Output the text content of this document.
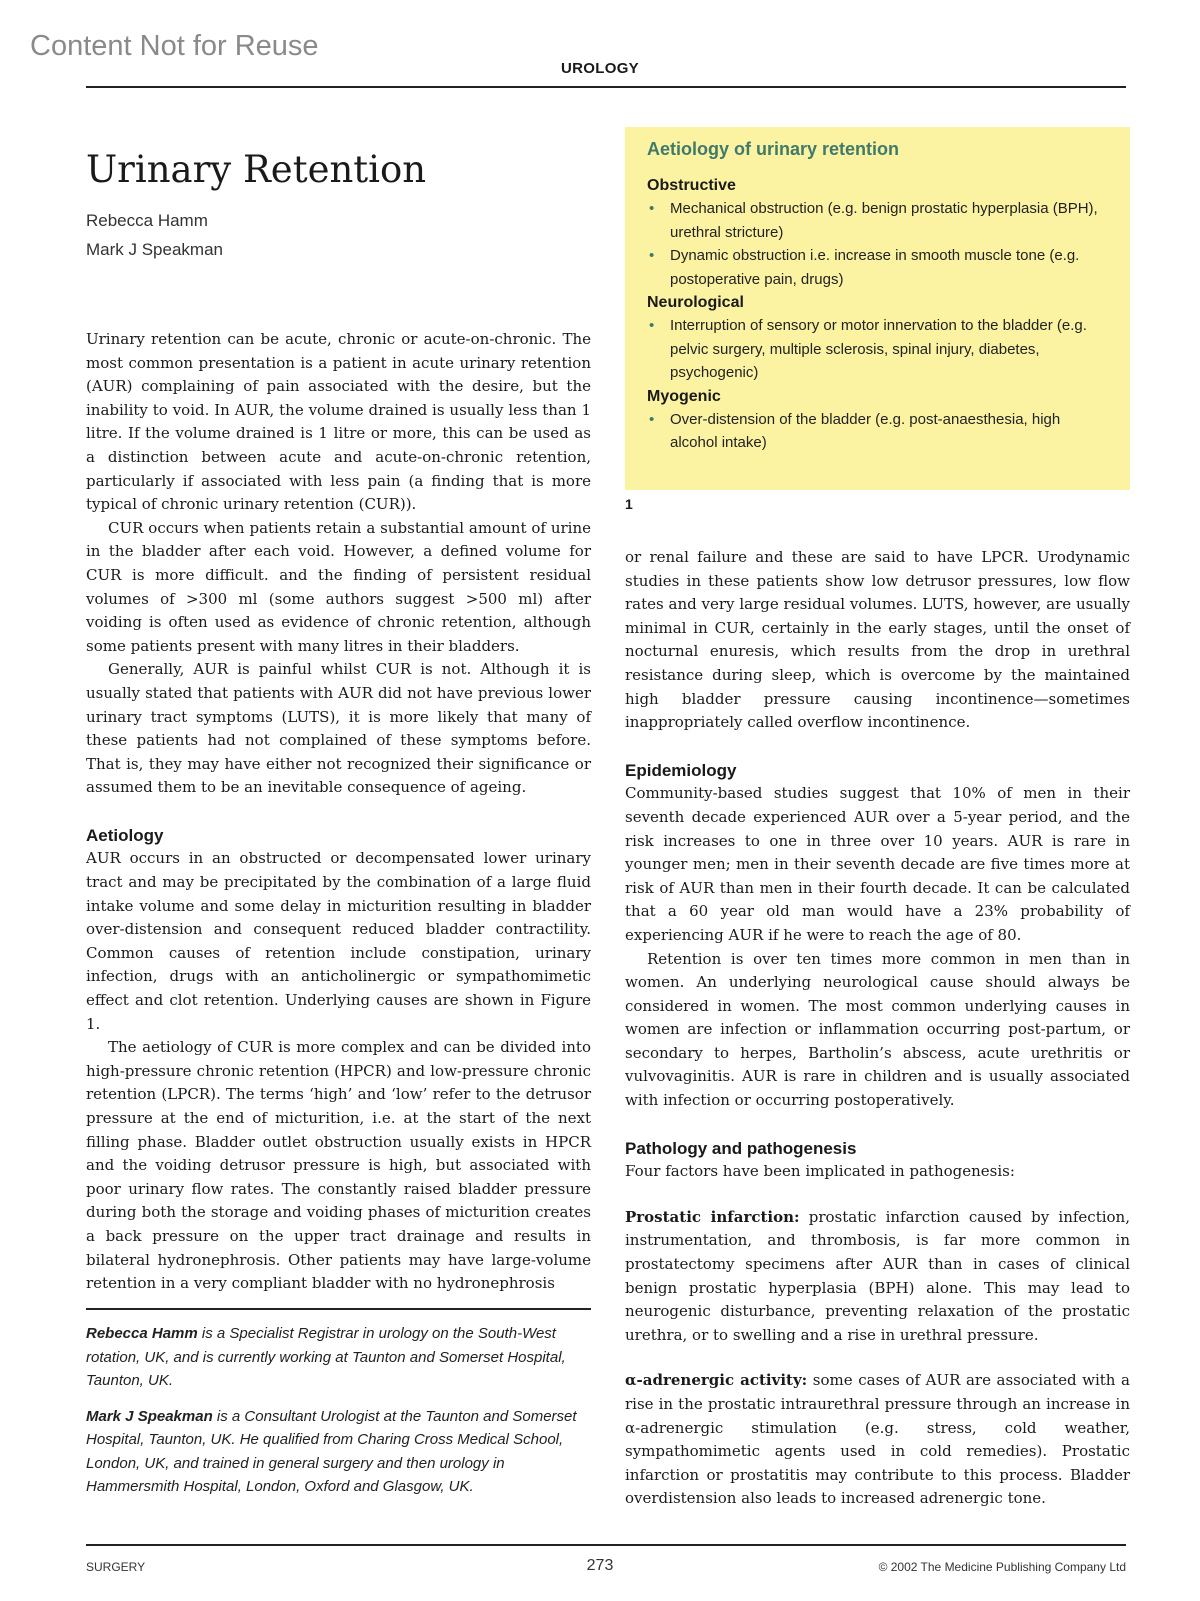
Content Not for Reuse
UROLOGY
Urinary Retention
Rebecca Hamm
Mark J Speakman

Urinary retention can be acute, chronic or acute-on-chronic. The most common presentation is a patient in acute urinary retention (AUR) complaining of pain associated with the desire, but the inability to void. In AUR, the volume drained is usually less than 1 litre. If the volume drained is 1 litre or more, this can be used as a distinction between acute and acute-on-chronic retention, particularly if associated with less pain (a finding that is more typical of chronic urinary retention (CUR)).

CUR occurs when patients retain a substantial amount of urine in the bladder after each void. However, a defined volume for CUR is more difficult. and the finding of persistent residual volumes of >300 ml (some authors suggest >500 ml) after voiding is often used as evidence of chronic retention, although some patients present with many litres in their bladders.

Generally, AUR is painful whilst CUR is not. Although it is usually stated that patients with AUR did not have previous lower urinary tract symptoms (LUTS), it is more likely that many of these patients had not complained of these symptoms before. That is, they may have either not recognized their significance or assumed them to be an inevitable consequence of ageing.

Aetiology

AUR occurs in an obstructed or decompensated lower urinary tract and may be precipitated by the combination of a large fluid intake volume and some delay in micturition resulting in bladder over-distension and consequent reduced bladder contractility. Common causes of retention include constipation, urinary infection, drugs with an anticholinergic or sympathomimetic effect and clot retention. Underlying causes are shown in Figure 1.

The aetiology of CUR is more complex and can be divided into high-pressure chronic retention (HPCR) and low-pressure chronic retention (LPCR). The terms ‘high’ and ‘low’ refer to the detrusor pressure at the end of micturition, i.e. at the start of the next filling phase. Bladder outlet obstruction usually exists in HPCR and the voiding detrusor pressure is high, but associated with poor urinary flow rates. The constantly raised bladder pressure during both the storage and voiding phases of micturition creates a back pressure on the upper tract drainage and results in bilateral hydronephrosis. Other patients may have large-volume retention in a very compliant bladder with no hydronephrosis

Rebecca Hamm is a Specialist Registrar in urology on the South-West rotation, UK, and is currently working at Taunton and Somerset Hospital, Taunton, UK.

Mark J Speakman is a Consultant Urologist at the Taunton and Somerset Hospital, Taunton, UK. He qualified from Charing Cross Medical School, London, UK, and trained in general surgery and then urology in Hammersmith Hospital, London, Oxford and Glasgow, UK.

Aetiology of urinary retention
Obstructive
• Mechanical obstruction (e.g. benign prostatic hyperplasia (BPH), urethral stricture)
• Dynamic obstruction i.e. increase in smooth muscle tone (e.g. postoperative pain, drugs)
Neurological
• Interruption of sensory or motor innervation to the bladder (e.g. pelvic surgery, multiple sclerosis, spinal injury, diabetes, psychogenic)
Myogenic
• Over-distension of the bladder (e.g. post-anaesthesia, high alcohol intake)
1

or renal failure and these are said to have LPCR. Urodynamic studies in these patients show low detrusor pressures, low flow rates and very large residual volumes. LUTS, however, are usually minimal in CUR, certainly in the early stages, until the onset of nocturnal enuresis, which results from the drop in urethral resistance during sleep, which is overcome by the maintained high bladder pressure causing incontinence—sometimes inappropriately called overflow incontinence.

Epidemiology

Community-based studies suggest that 10% of men in their seventh decade experienced AUR over a 5-year period, and the risk increases to one in three over 10 years. AUR is rare in younger men; men in their seventh decade are five times more at risk of AUR than men in their fourth decade. It can be calculated that a 60 year old man would have a 23% probability of experiencing AUR if he were to reach the age of 80.

Retention is over ten times more common in men than in women. An underlying neurological cause should always be considered in women. The most common underlying causes in women are infection or inflammation occurring post-partum, or secondary to herpes, Bartholin’s abscess, acute urethritis or vulvovaginitis. AUR is rare in children and is usually associated with infection or occurring postoperatively.

Pathology and pathogenesis

Four factors have been implicated in pathogenesis:

Prostatic infarction: prostatic infarction caused by infection, instrumentation, and thrombosis, is far more common in prostatectomy specimens after AUR than in cases of clinical benign prostatic hyperplasia (BPH) alone. This may lead to neurogenic disturbance, preventing relaxation of the prostatic urethra, or to swelling and a rise in urethral pressure.

α-adrenergic activity: some cases of AUR are associated with a rise in the prostatic intraurethral pressure through an increase in α-adrenergic stimulation (e.g. stress, cold weather, sympathomimetic agents used in cold remedies). Prostatic infarction or prostatitis may contribute to this process. Bladder overdistension also leads to increased adrenergic tone.

SURGERY	273	© 2002 The Medicine Publishing Company Ltd
